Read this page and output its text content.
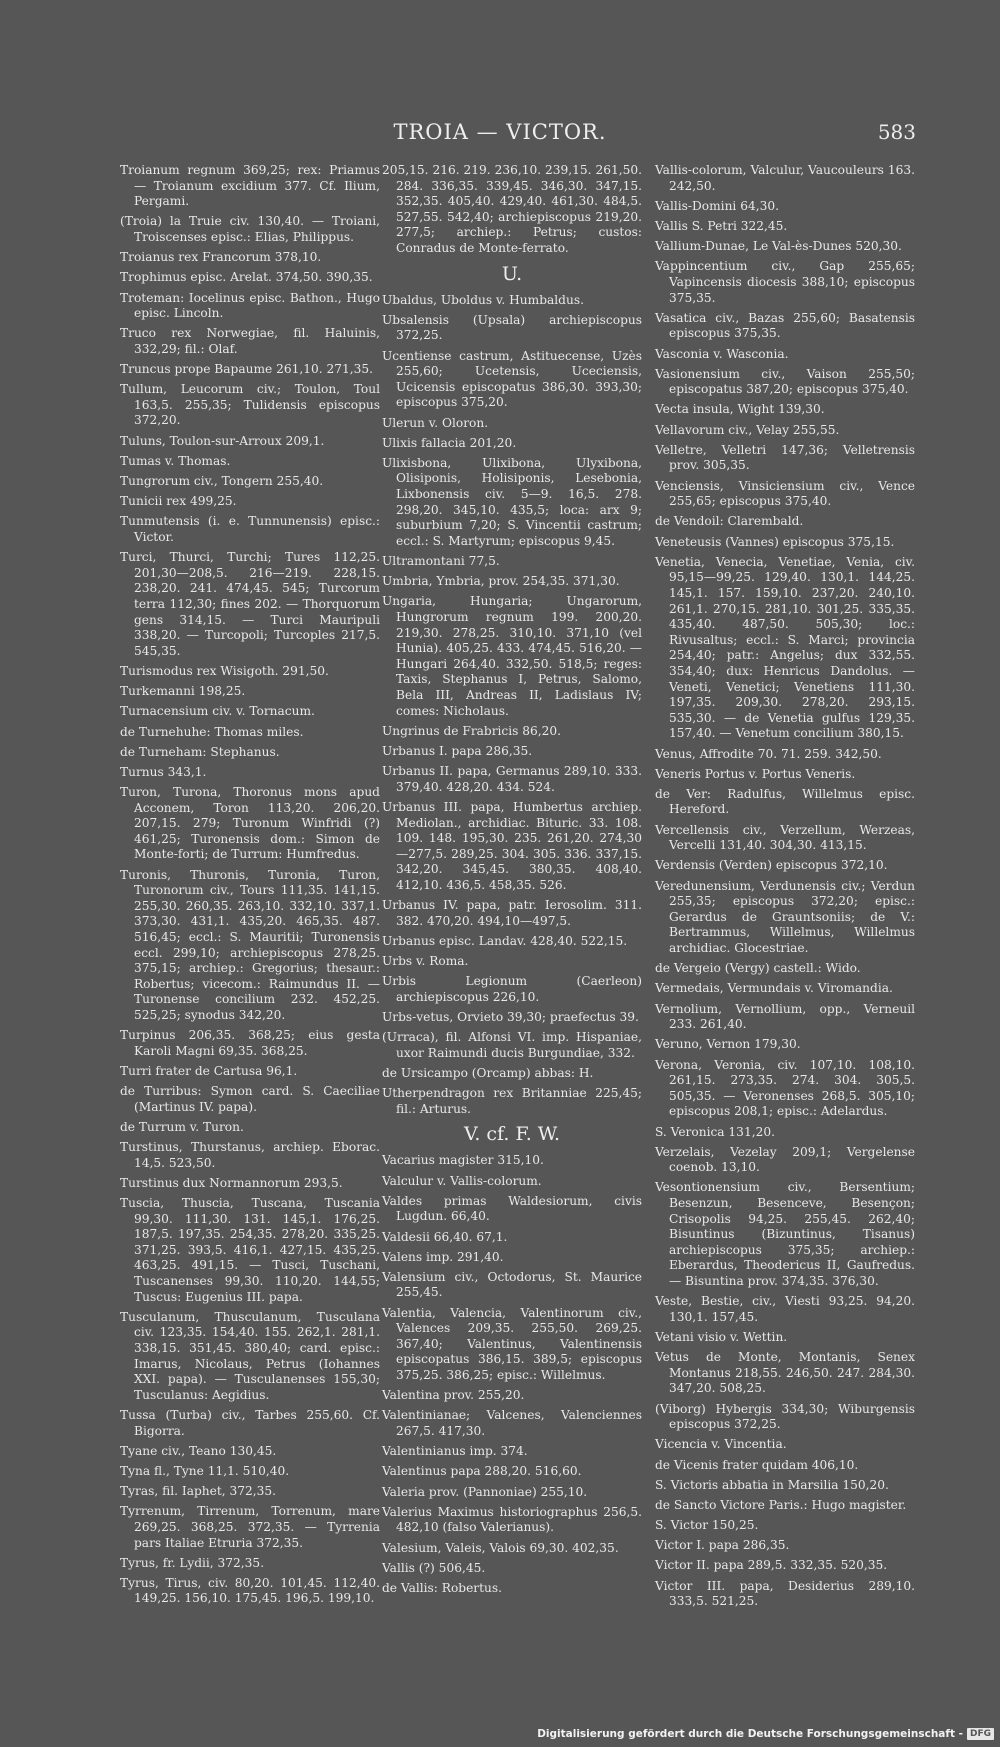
TROIA — VICTOR.	583
Troianum regnum 369,25; rex: Priamus — Troianum excidium 377. Cf. Ilium, Pergami.
(Troia) la Truie civ. 130,40. — Troiani, Troiscenses episc.: Elias, Philippus.
Troianus rex Francorum 378,10.
Trophimus episc. Arelat. 374,50. 390,35.
Troteman: Iocelinus episc. Bathon., Hugo episc. Lincoln.
Truco rex Norwegiae, fil. Haluinis, 332,29; fil.: Olaf.
Truncus prope Bapaume 261,10. 271,35.
Tullum, Leucorum civ.; Toulon, Toul 163,5. 255,35; Tulidensis episcopus 372,20.
Tuluns, Toulon-sur-Arroux 209,1.
Tumas v. Thomas.
Tungrorum civ., Tongern 255,40.
Tunicii rex 499,25.
Tunmutensis (i. e. Tunnunensis) episc.: Victor.
Turci, Thurci, Turchi; Tures 112,25. 201,30—208,5. 216—219. 228,15. 238,20. 241. 474,45. 545; Turcorum terra 112,30; fines 202. — Thorquorum gens 314,15. — Turci Mauripuli 338,20. — Turcopoli; Turcoples 217,5. 545,35.
Turismodus rex Wisigoth. 291,50.
Turkemanni 198,25.
Turnacensium civ. v. Tornacum.
de Turnehuhe: Thomas miles.
de Turneham: Stephanus.
Turnus 343,1.
Turon, Turona, Thoronus mons apud Acconem, Toron 113,20. 206,20. 207,15. 279; Turonum Winfridi (?) 461,25; Turonensis dom.: Simon de Monte-forti; de Turrum: Humfredus.
Turonis, Thuronis, Turonia, Turon, Turonorum civ., Tours 111,35. 141,15. 255,30. 260,35. 263,10. 332,10. 337,1. 373,30. 431,1. 435,20. 465,35. 487. 516,45; eccl.: S. Mauritii; Turonensis eccl. 299,10; archiepiscopus 278,25. 375,15; archiep.: Gregorius; thesaur.: Robertus; vicecom.: Raimundus II. — Turonense concilium 232. 452,25. 525,25; synodus 342,20.
Turpinus 206,35. 368,25; eius gesta Karoli Magni 69,35. 368,25.
Turri frater de Cartusa 96,1.
de Turribus: Symon card. S. Caeciliae (Martinus IV. papa).
de Turrum v. Turon.
Turstinus, Thurstanus, archiep. Eborac. 14,5. 523,50.
Turstinus dux Normannorum 293,5.
Tuscia, Thuscia, Tuscana, Tuscania 99,30. 111,30. 131. 145,1. 176,25. 187,5. 197,35. 254,35. 278,20. 335,25. 371,25. 393,5. 416,1. 427,15. 435,25. 463,25. 491,15. — Tusci, Tuschani, Tuscanenses 99,30. 110,20. 144,55; Tuscus: Eugenius III. papa.
Tusculanum, Thusculanum, Tusculana civ. 123,35. 154,40. 155. 262,1. 281,1. 338,15. 351,45. 380,40; card. episc.: Imarus, Nicolaus, Petrus (Iohannes XXI. papa). — Tusculanenses 155,30; Tusculanus: Aegidius.
Tussa (Turba) civ., Tarbes 255,60. Cf. Bigorra.
Tyane civ., Teano 130,45.
Tyna fl., Tyne 11,1. 510,40.
Tyras, fil. Iaphet, 372,35.
Tyrrenum, Tirrenum, Torrenum, mare 269,25. 368,25. 372,35. — Tyrrenia pars Italiae Etruria 372,35.
Tyrus, fr. Lydii, 372,35.
Tyrus, Tirus, civ. 80,20. 101,45. 112,40. 149,25. 156,10. 175,45. 196,5. 199,10.
205,15. 216. 219. 236,10. 239,15. 261,50. 284. 336,35. 339,45. 346,30. 347,15. 352,35. 405,40. 429,40. 461,30. 484,5. 527,55. 542,40; archiepiscopus 219,20. 277,5; archiep.: Petrus; custos: Conradus de Monte-ferrato.
U.
Ubaldus, Uboldus v. Humbaldus.
Ubsalensis (Upsala) archiepiscopus 372,25.
Ucentiense castrum, Astituecense, Uzès 255,60; Ucetensis, Uceciensis, Ucicensis episcopatus 386,30. 393,30; episcopus 375,20.
Ulerun v. Oloron.
Ulixis fallacia 201,20.
Ulixisbona, Ulixibona, Ulyxibona, Olisiponis, Holisiponis, Lesebonia, Lixbonensis civ. 5—9. 16,5. 278. 298,20. 345,10. 435,5; loca: arx 9; suburbium 7,20; S. Vincentii castrum; eccl.: S. Martyrum; episcopus 9,45.
Ultramontani 77,5.
Umbria, Ymbria, prov. 254,35. 371,30.
Ungaria, Hungaria; Ungarorum, Hungrorum regnum 199. 200,20. 219,30. 278,25. 310,10. 371,10 (vel Hunia). 405,25. 433. 474,45. 516,20. — Hungari 264,40. 332,50. 518,5; reges: Taxis, Stephanus I, Petrus, Salomo, Bela III, Andreas II, Ladislaus IV; comes: Nicholaus.
Ungrinus de Frabricis 86,20.
Urbanus I. papa 286,35.
Urbanus II. papa, Germanus 289,10. 333. 379,40. 428,20. 434. 524.
Urbanus III. papa, Humbertus archiep. Mediolan., archidiac. Bituric. 33. 108. 109. 148. 195,30. 235. 261,20. 274,30—277,5. 289,25. 304. 305. 336. 337,15. 342,20. 345,45. 380,35. 408,40. 412,10. 436,5. 458,35. 526.
Urbanus IV. papa, patr. Ierosolim. 311. 382. 470,20. 494,10—497,5.
Urbanus episc. Landav. 428,40. 522,15.
Urbs v. Roma.
Urbis Legionum (Caerleon) archiepiscopus 226,10.
Urbs-vetus, Orvieto 39,30; praefectus 39.
(Urraca), fil. Alfonsi VI. imp. Hispaniae, uxor Raimundi ducis Burgundiae, 332.
de Ursicampo (Orcamp) abbas: H.
Utherpendragon rex Britanniae 225,45; fil.: Arturus.
V. cf. F. W.
Vacarius magister 315,10.
Valculur v. Vallis-colorum.
Valdes primas Waldesiorum, civis Lugdun. 66,40.
Valdesii 66,40. 67,1.
Valens imp. 291,40.
Valensium civ., Octodorus, St. Maurice 255,45.
Valentia, Valencia, Valentinorum civ., Valences 209,35. 255,50. 269,25. 367,40; Valentinus, Valentinensis episcopatus 386,15. 389,5; episcopus 375,25. 386,25; episc.: Willelmus.
Valentina prov. 255,20.
Valentinianae; Valcenes, Valenciennes 267,5. 417,30.
Valentinianus imp. 374.
Valentinus papa 288,20. 516,60.
Valeria prov. (Pannoniae) 255,10.
Valerius Maximus historiographus 256,5. 482,10 (falso Valerianus).
Valesium, Valeis, Valois 69,30. 402,35.
Vallis (?) 506,45.
de Vallis: Robertus.
Vallis-colorum, Valculur, Vaucouleurs 163. 242,50.
Vallis-Domini 64,30.
Vallis S. Petri 322,45.
Vallium-Dunae, Le Val-ès-Dunes 520,30.
Vappincentium civ., Gap 255,65; Vapincensis diocesis 388,10; episcopus 375,35.
Vasatica civ., Bazas 255,60; Basatensis episcopus 375,35.
Vasconia v. Wasconia.
Vasionensium civ., Vaison 255,50; episcopatus 387,20; episcopus 375,40.
Vecta insula, Wight 139,30.
Vellavorum civ., Velay 255,55.
Velletre, Velletri 147,36; Velletrensis prov. 305,35.
Venciensis, Vinsiciensium civ., Vence 255,65; episcopus 375,40.
de Vendoil: Clarembald.
Veneteusis (Vannes) episcopus 375,15.
Venetia, Venecia, Venetiae, Venia, civ. 95,15—99,25. 129,40. 130,1. 144,25. 145,1. 157. 159,10. 237,20. 240,10. 261,1. 270,15. 281,10. 301,25. 335,35. 435,40. 487,50. 505,30; loc.: Rivusaltus; eccl.: S. Marci; provincia 254,40; patr.: Angelus; dux 332,55. 354,40; dux: Henricus Dandolus. — Veneti, Venetici; Venetiens 111,30. 197,35. 209,30. 278,20. 293,15. 535,30. — de Venetia gulfus 129,35. 157,40. — Venetum concilium 380,15.
Venus, Affrodite 70. 71. 259. 342,50.
Veneris Portus v. Portus Veneris.
de Ver: Radulfus, Willelmus episc. Hereford.
Vercellensis civ., Verzellum, Werzeas, Vercelli 131,40. 304,30. 413,15.
Verdensis (Verden) episcopus 372,10.
Veredunensium, Verdunensis civ.; Verdun 255,35; episcopus 372,20; episc.: Gerardus de Grauntsoniis; de V.: Bertrammus, Willelmus, Willelmus archidiac. Glocestriae.
de Vergeio (Vergy) castell.: Wido.
Vermedais, Vermundais v. Viromandia.
Vernolium, Vernollium, opp., Verneuil 233. 261,40.
Veruno, Vernon 179,30.
Verona, Veronia, civ. 107,10. 108,10. 261,15. 273,35. 274. 304. 305,5. 505,35. — Veronenses 268,5. 305,10; episcopus 208,1; episc.: Adelardus.
S. Veronica 131,20.
Verzelais, Vezelay 209,1; Vergelense coenob. 13,10.
Vesontionensium civ., Bersentium; Besenzun, Besenceve, Besençon; Crisopolis 94,25. 255,45. 262,40; Bisuntinus (Bizuntinus, Tisanus) archiepiscopus 375,35; archiep.: Eberardus, Theodericus II, Gaufredus. — Bisuntina prov. 374,35. 376,30.
Veste, Bestie, civ., Viesti 93,25. 94,20. 130,1. 157,45.
Vetani visio v. Wettin.
Vetus de Monte, Montanis, Senex Montanus 218,55. 246,50. 247. 284,30. 347,20. 508,25.
(Viborg) Hybergis 334,30; Wiburgensis episcopus 372,25.
Vicencia v. Vincentia.
de Vicenis frater quidam 406,10.
S. Victoris abbatia in Marsilia 150,20.
de Sancto Victore Paris.: Hugo magister.
S. Victor 150,25.
Victor I. papa 286,35.
Victor II. papa 289,5. 332,35. 520,35.
Victor III. papa, Desiderius 289,10. 333,5. 521,25.
Digitalisierung gefördert durch die Deutsche Forschungsgemeinschaft - DFG
